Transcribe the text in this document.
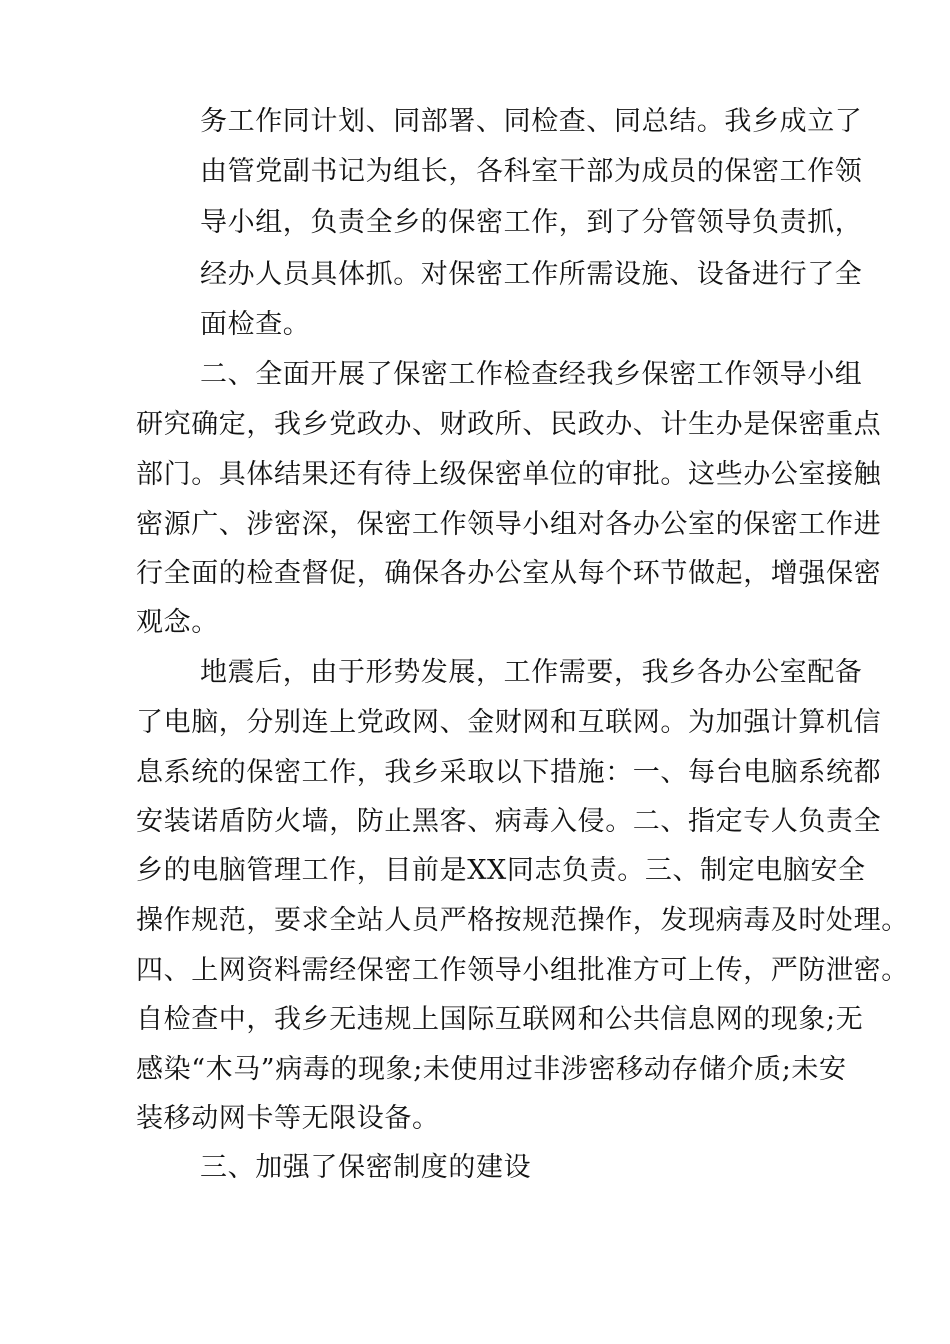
务工作同计划、同部署、同检查、同总结。我乡成立了
由管党副书记为组长，各科室干部为成员的保密工作领
导小组，负责全乡的保密工作，到了分管领导负责抓，
经办人员具体抓。对保密工作所需设施、设备进行了全
面检查。
二、全面开展了保密工作检查经我乡保密工作领导小组
研究确定，我乡党政办、财政所、民政办、计生办是保密重点
部门。具体结果还有待上级保密单位的审批。这些办公室接触
密源广、涉密深，保密工作领导小组对各办公室的保密工作进
行全面的检查督促，确保各办公室从每个环节做起，增强保密
观念。
地震后，由于形势发展，工作需要，我乡各办公室配备
了电脑，分别连上党政网、金财网和互联网。为加强计算机信
息系统的保密工作，我乡采取以下措施：一、每台电脑系统都
安装诺盾防火墙，防止黑客、病毒入侵。二、指定专人负责全
乡的电脑管理工作，目前是XX同志负责。三、制定电脑安全
操作规范，要求全站人员严格按规范操作，发现病毒及时处理。
四、上网资料需经保密工作领导小组批准方可上传，严防泄密。
自检查中，我乡无违规上国际互联网和公共信息网的现象;无
感染“木马”病毒的现象;未使用过非涉密移动存储介质;未安
装移动网卡等无限设备。
三、加强了保密制度的建设
